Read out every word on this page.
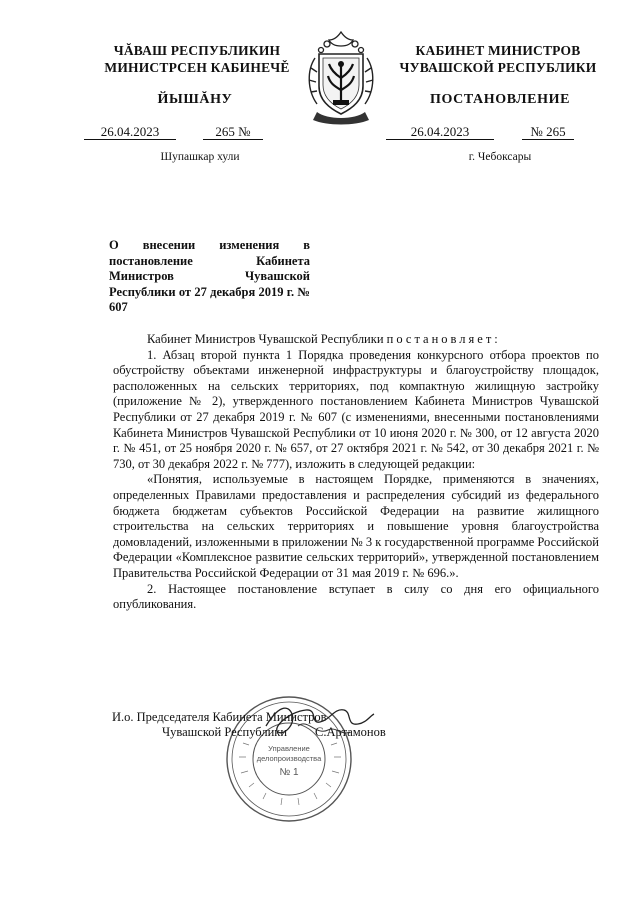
ЧĂВАШ РЕСПУБЛИКИН
МИНИСТРСЕН КАБИНЕЧĚ
КАБИНЕТ МИНИСТРОВ
ЧУВАШСКОЙ РЕСПУБЛИКИ
ЙЫШĂНУ	ПОСТАНОВЛЕНИЕ
26.04.2023	265 №	26.04.2023	№ 265
Шупашкар хули	г. Чебоксары
О внесении изменения в постановление Кабинета Министров Чувашской Республики от 27 декабря 2019 г. № 607

Кабинет Министров Чувашской Республики постановляет:

1. Абзац второй пункта 1 Порядка проведения конкурсного отбора проектов по обустройству объектами инженерной инфраструктуры и благоустройству площадок, расположенных на сельских территориях, под компактную жилищную застройку (приложение № 2), утвержденного постановлением Кабинета Министров Чувашской Республики от 27 декабря 2019 г. № 607 (с изменениями, внесенными постановлениями Кабинета Министров Чувашской Республики от 10 июня 2020 г. № 300, от 12 августа 2020 г. № 451, от 25 ноября 2020 г. № 657, от 27 октября 2021 г. № 542, от 30 декабря 2021 г. № 730, от 30 декабря 2022 г. № 777), изложить в следующей редакции:

«Понятия, используемые в настоящем Порядке, применяются в значениях, определенных Правилами предоставления и распределения субсидий из федерального бюджета бюджетам субъектов Российской Федерации на развитие жилищного строительства на сельских территориях и повышение уровня благоустройства домовладений, изложенными в приложении № 3 к государственной программе Российской Федерации «Комплексное развитие сельских территорий», утвержденной постановлением Правительства Российской Федерации от 31 мая 2019 г. № 696.».

2. Настоящее постановление вступает в силу со дня его официального опубликования.

Управление
делопроизводства
№ 1
И.о. Председателя Кабинета Министров
Чувашской Республики С.Артамонов
